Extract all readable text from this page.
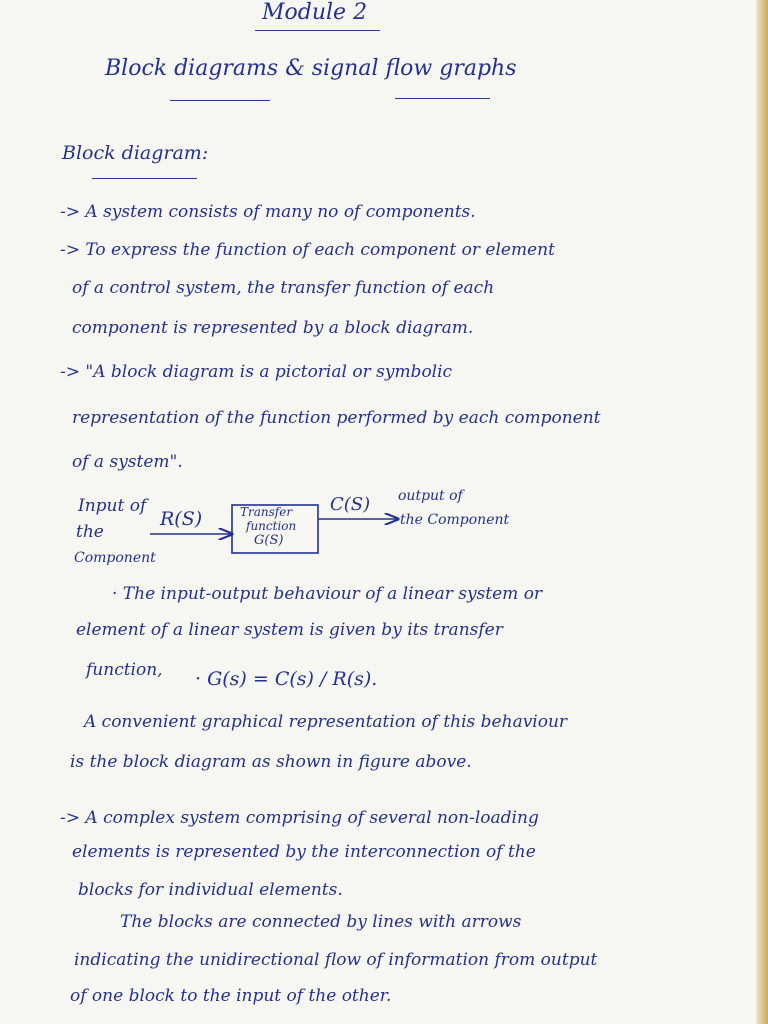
Module 2
Block diagrams & signal flow graphs
Block diagram:
-> A system consists of many no of components.
-> To express the function of each component or element
of a control system, the transfer function of each
component is represented by a block diagram.
-> "A block diagram is a pictorial or symbolic
representation of the function performed by each component
of a system".
Input of
the
Component
R(S)	Transfer
function
G(S)
C(S) output of
the Component
· The input-output behaviour of a linear system or
element of a linear system is given by its transfer
function, · G(s) = C(s) / R(s).
A convenient graphical representation of this behaviour
is the block diagram as shown in figure above.
-> A complex system comprising of several non-loading
elements is represented by the interconnection of the
blocks for individual elements.
The blocks are connected by lines with arrows
indicating the unidirectional flow of information from output
of one block to the input of the other.
